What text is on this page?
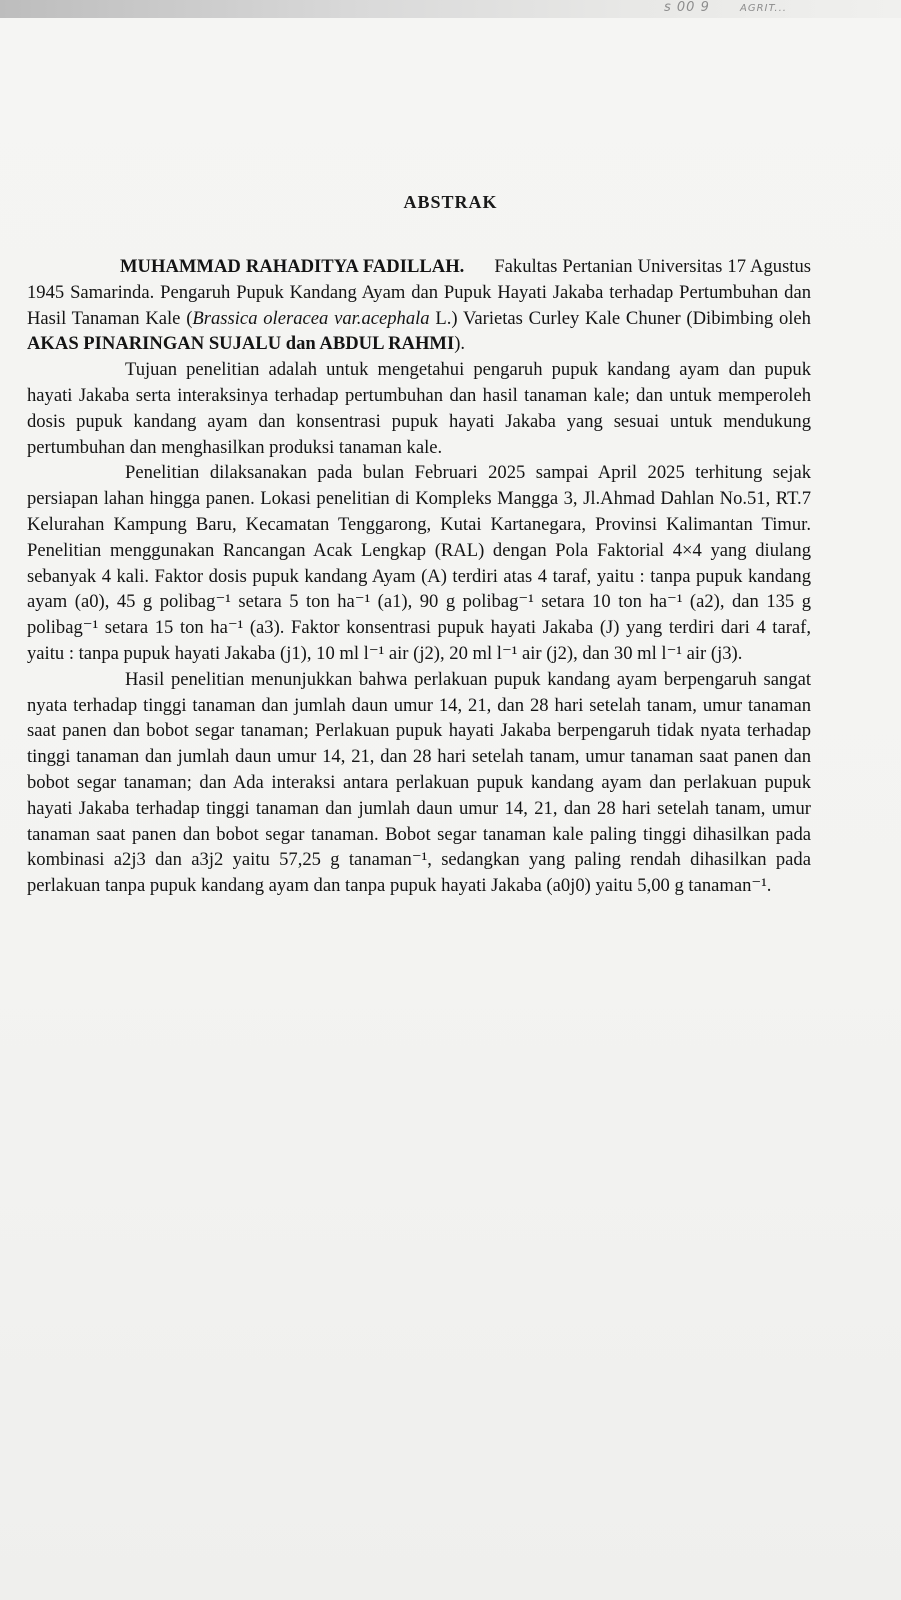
s 00 9	AGRIT...
ABSTRAK

MUHAMMAD RAHADITYA FADILLAH. Fakultas Pertanian Universitas 17 Agustus 1945 Samarinda. Pengaruh Pupuk Kandang Ayam dan Pupuk Hayati Jakaba terhadap Pertumbuhan dan Hasil Tanaman Kale (Brassica oleracea var.acephala L.) Varietas Curley Kale Chuner (Dibimbing oleh AKAS PINARINGAN SUJALU dan ABDUL RAHMI).

Tujuan penelitian adalah untuk mengetahui pengaruh pupuk kandang ayam dan pupuk hayati Jakaba serta interaksinya terhadap pertumbuhan dan hasil tanaman kale; dan untuk memperoleh dosis pupuk kandang ayam dan konsentrasi pupuk hayati Jakaba yang sesuai untuk mendukung pertumbuhan dan menghasilkan produksi tanaman kale.

Penelitian dilaksanakan pada bulan Februari 2025 sampai April 2025 terhitung sejak persiapan lahan hingga panen. Lokasi penelitian di Kompleks Mangga 3, Jl.Ahmad Dahlan No.51, RT.7 Kelurahan Kampung Baru, Kecamatan Tenggarong, Kutai Kartanegara, Provinsi Kalimantan Timur. Penelitian menggunakan Rancangan Acak Lengkap (RAL) dengan Pola Faktorial 4×4 yang diulang sebanyak 4 kali. Faktor dosis pupuk kandang Ayam (A) terdiri atas 4 taraf, yaitu : tanpa pupuk kandang ayam (a0), 45 g polibag⁻¹ setara 5 ton ha⁻¹ (a1), 90 g polibag⁻¹ setara 10 ton ha⁻¹ (a2), dan 135 g polibag⁻¹ setara 15 ton ha⁻¹ (a3). Faktor konsentrasi pupuk hayati Jakaba (J) yang terdiri dari 4 taraf, yaitu : tanpa pupuk hayati Jakaba (j1), 10 ml l⁻¹ air (j2), 20 ml l⁻¹ air (j2), dan 30 ml l⁻¹ air (j3).

Hasil penelitian menunjukkan bahwa perlakuan pupuk kandang ayam berpengaruh sangat nyata terhadap tinggi tanaman dan jumlah daun umur 14, 21, dan 28 hari setelah tanam, umur tanaman saat panen dan bobot segar tanaman; Perlakuan pupuk hayati Jakaba berpengaruh tidak nyata terhadap tinggi tanaman dan jumlah daun umur 14, 21, dan 28 hari setelah tanam, umur tanaman saat panen dan bobot segar tanaman; dan Ada interaksi antara perlakuan pupuk kandang ayam dan perlakuan pupuk hayati Jakaba terhadap tinggi tanaman dan jumlah daun umur 14, 21, dan 28 hari setelah tanam, umur tanaman saat panen dan bobot segar tanaman. Bobot segar tanaman kale paling tinggi dihasilkan pada kombinasi a2j3 dan a3j2 yaitu 57,25 g tanaman⁻¹, sedangkan yang paling rendah dihasilkan pada perlakuan tanpa pupuk kandang ayam dan tanpa pupuk hayati Jakaba (a0j0) yaitu 5,00 g tanaman⁻¹.
